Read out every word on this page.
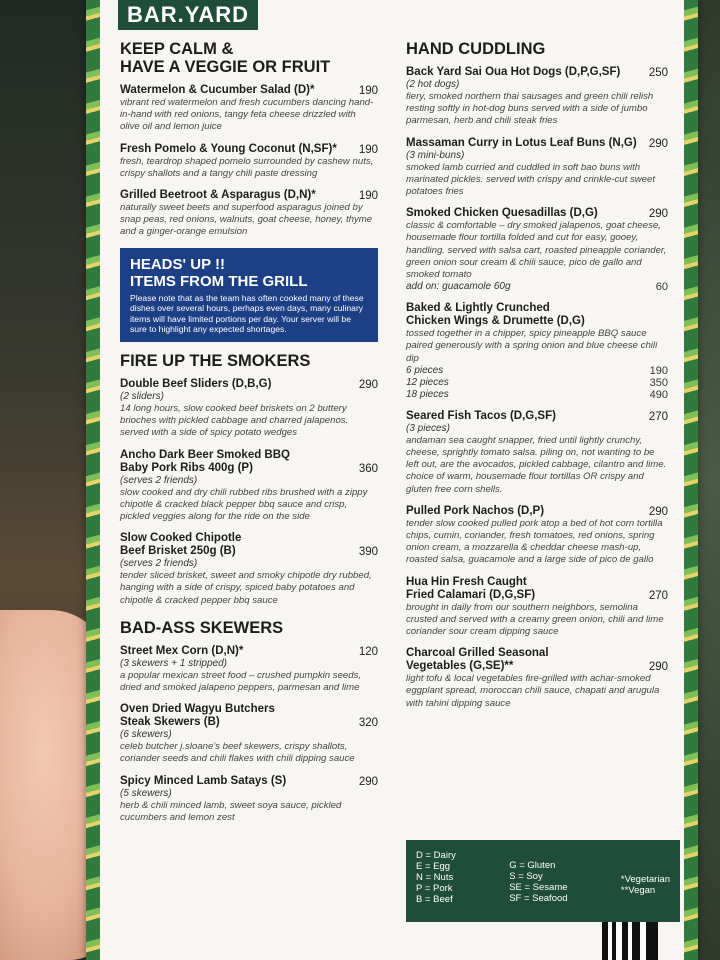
BAR.YARD
KEEP CALM &
HAVE A VEGGIE OR FRUIT
Watermelon & Cucumber Salad (D)*	190
vibrant red watermelon and fresh cucumbers dancing hand-in-hand with red onions, tangy feta cheese drizzled with olive oil and lemon juice
Fresh Pomelo & Young Coconut (N,SF)* 190
fresh, teardrop shaped pomelo surrounded by cashew nuts, crispy shallots and a tangy chili paste dressing
Grilled Beetroot & Asparagus (D,N)*	190
naturally sweet beets and superfood asparagus joined by snap peas, red onions, walnuts, goat cheese, honey, thyme and a ginger-orange emulsion
HEADS' UP !!
ITEMS FROM THE GRILL
Please note that as the team has often cooked many of these dishes over several hours, perhaps even days, many culinary items will have limited portions per day. Your server will be sure to highlight any expected shortages.
FIRE UP THE SMOKERS
Double Beef Sliders (D,B,G)	290
(2 sliders)
14 long hours, slow cooked beef briskets on 2 buttery brioches with pickled cabbage and charred jalapenos. served with a side of spicy potato wedges
Ancho Dark Beer Smoked BBQ
Baby Pork Ribs 400g (P)	360
(serves 2 friends)
slow cooked and dry chili rubbed ribs brushed with a zippy chipotle & cracked black pepper bbq sauce and crisp, pickled veggies along for the ride on the side
Slow Cooked Chipotle
Beef Brisket 250g (B)	390
(serves 2 friends)
tender sliced brisket, sweet and smoky chipotle dry rubbed, hanging with a side of crispy, spiced baby potatoes and chipotle & cracked pepper bbq sauce
BAD-ASS SKEWERS
Street Mex Corn (D,N)*	120
(3 skewers + 1 stripped)
a popular mexican street food – crushed pumpkin seeds, dried and smoked jalapeno peppers, parmesan and lime
Oven Dried Wagyu Butchers
Steak Skewers (B)	320
(6 skewers)
celeb butcher j.sloane's beef skewers, crispy shallots, coriander seeds and chili flakes with chili dipping sauce
Spicy Minced Lamb Satays (S)	290
(5 skewers)
herb & chili minced lamb, sweet soya sauce, pickled cucumbers and lemon zest
HAND CUDDLING
Back Yard Sai Oua Hot Dogs (D,P,G,SF) 250
(2 hot dogs)
fiery, smoked northern thai sausages and green chili relish resting softly in hot-dog buns served with a side of jumbo parmesan, herb and chili steak fries
Massaman Curry in Lotus Leaf Buns (N,G) 290
(3 mini-buns)
smoked lamb curried and cuddled in soft bao buns with marinated pickles. served with crispy and crinkle-cut sweet potatoes fries
Smoked Chicken Quesadillas (D,G)	290
classic & comfortable – dry smoked jalapenos, goat cheese, housemade flour tortilla folded and cut for easy, gooey, handling. served with salsa cart, roasted pineapple coriander, green onion sour cream & chili sauce, pico de gallo and smoked tomato
add on: guacamole 60g	60
Baked & Lightly Crunched
Chicken Wings & Drumette (D,G)
tossed together in a chipper, spicy pineapple BBQ sauce paired generously with a spring onion and blue cheese chili dip
6 pieces	190
12 pieces	350
18 pieces	490
Seared Fish Tacos (D,G,SF)	270
(3 pieces)
andaman sea caught snapper, fried until lightly crunchy, cheese, sprightly tomato salsa. piling on, not wanting to be left out, are the avocados, pickled cabbage, cilantro and lime. choice of warm, housemade flour tortillas OR crispy and gluten free corn shells.
Pulled Pork Nachos (D,P)	290
tender slow cooked pulled pork atop a bed of hot corn tortilla chips, cumin, coriander, fresh tomatoes, red onions, spring onion cream, a mozzarella & cheddar cheese mash-up, roasted salsa, guacamole and a large side of pico de gallo
Hua Hin Fresh Caught
Fried Calamari (D,G,SF)	270
brought in daily from our southern neighbors, semolina crusted and served with a creamy green onion, chili and lime coriander sour cream dipping sauce
Charcoal Grilled Seasonal
Vegetables (G,SE)**	290
light tofu & local vegetables fire-grilled with achar-smoked eggplant spread, moroccan chili sauce, chapati and arugula with tahini dipping sauce
D = Dairy
E = Egg
N = Nuts
P = Pork
B = Beef
G = Gluten
S = Soy
SE = Sesame
SF = Seafood
*Vegetarian
**Vegan
